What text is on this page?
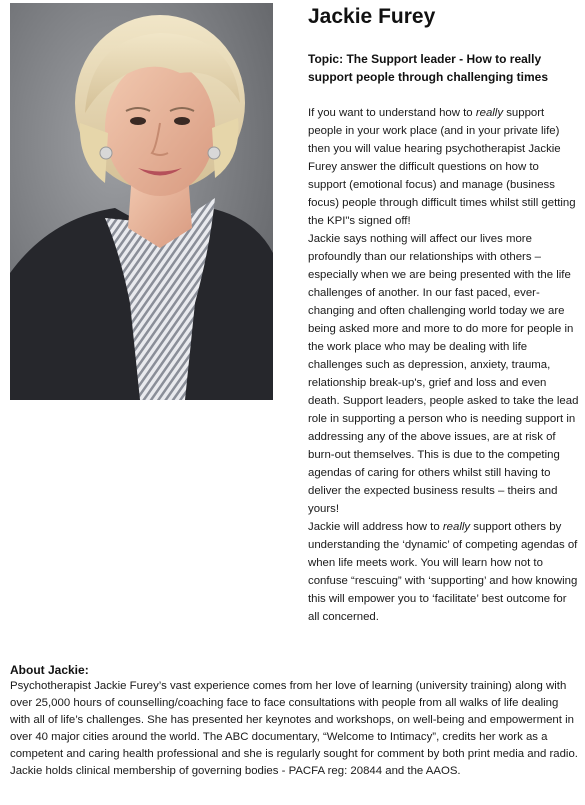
Jackie Furey

Topic: The Support leader - How to really support people through challenging times

If you want to understand how to really support people in your work place (and in your private life) then you will value hearing psychotherapist Jackie Furey answer the difficult questions on how to support (emotional focus) and manage (business focus) people through difficult times whilst still getting the KPI"s signed off!

Jackie says nothing will affect our lives more profoundly than our relationships with others – especially when we are being presented with the life challenges of another. In our fast paced, ever-changing and often challenging world today we are being asked more and more to do more for people in the work place who may be dealing with life challenges such as depression, anxiety, trauma, relationship break-up's, grief and loss and even death. Support leaders, people asked to take the lead role in supporting a person who is needing support in addressing any of the above issues, are at risk of burn-out themselves. This is due to the competing agendas of caring for others whilst still having to deliver the expected business results – theirs and yours!

Jackie will address how to really support others by understanding the ‘dynamic’ of competing agendas of when life meets work. You will learn how not to confuse “rescuing” with ‘supporting’ and how knowing this will empower you to ‘facilitate’ best outcome for all concerned.

About Jackie:

Psychotherapist Jackie Furey’s vast experience comes from her love of learning (university training) along with over 25,000 hours of counselling/coaching face to face consultations with people from all walks of life dealing with all of life’s challenges. She has presented her keynotes and workshops, on well-being and empowerment in over 40 major cities around the world. The ABC documentary, “Welcome to Intimacy”, credits her work as a competent and caring health professional and she is regularly sought for comment by both print media and radio. Jackie holds clinical membership of governing bodies - PACFA reg: 20844 and the AAOS.
